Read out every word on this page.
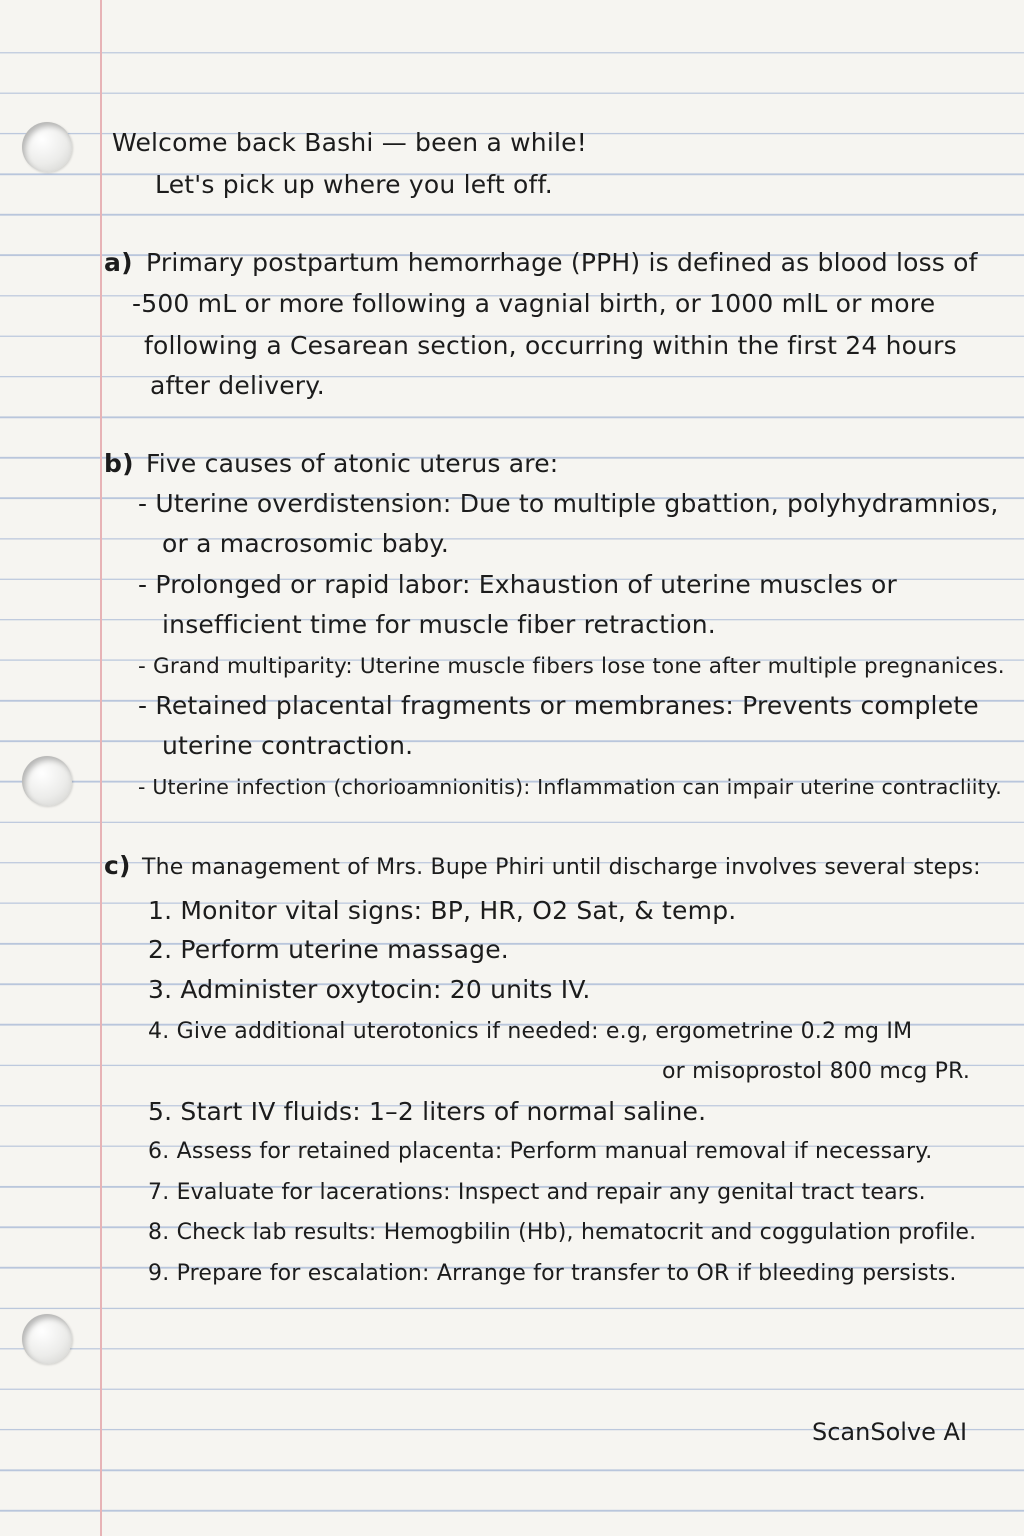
Welcome back Bashi — been a while!
Let's pick up where you left off.
a) Primary postpartum hemorrhage (PPH) is defined as blood loss of
-500 mL or more following a vagnial birth, or 1000 mlL or more
following a Cesarean section, occurring within the first 24 hours
after delivery.
b) Five causes of atonic uterus are:
- Uterine overdistension: Due to multiple gbattion, polyhydramnios,
or a macrosomic baby.
- Prolonged or rapid labor: Exhaustion of uterine muscles or
insefficient time for muscle fiber retraction.
- Grand multiparity: Uterine muscle fibers lose tone after multiple pregnanices.
- Retained placental fragments or membranes: Prevents complete
uterine contraction.
- Uterine infection (chorioamnionitis): Inflammation can impair uterine contracliity.
c) The management of Mrs. Bupe Phiri until discharge involves several steps:
1. Monitor vital signs: BP, HR, O2 Sat, & temp.
2. Perform uterine massage.
3. Administer oxytocin: 20 units IV.
4. Give additional uterotonics if needed: e.g, ergometrine 0.2 mg IM
or misoprostol 800 mcg PR.
5. Start IV fluids: 1–2 liters of normal saline.
6. Assess for retained placenta: Perform manual removal if necessary.
7. Evaluate for lacerations: Inspect and repair any genital tract tears.
8. Check lab results: Hemogbilin (Hb), hematocrit and coggulation profile.
9. Prepare for escalation: Arrange for transfer to OR if bleeding persists.
ScanSolve AI
